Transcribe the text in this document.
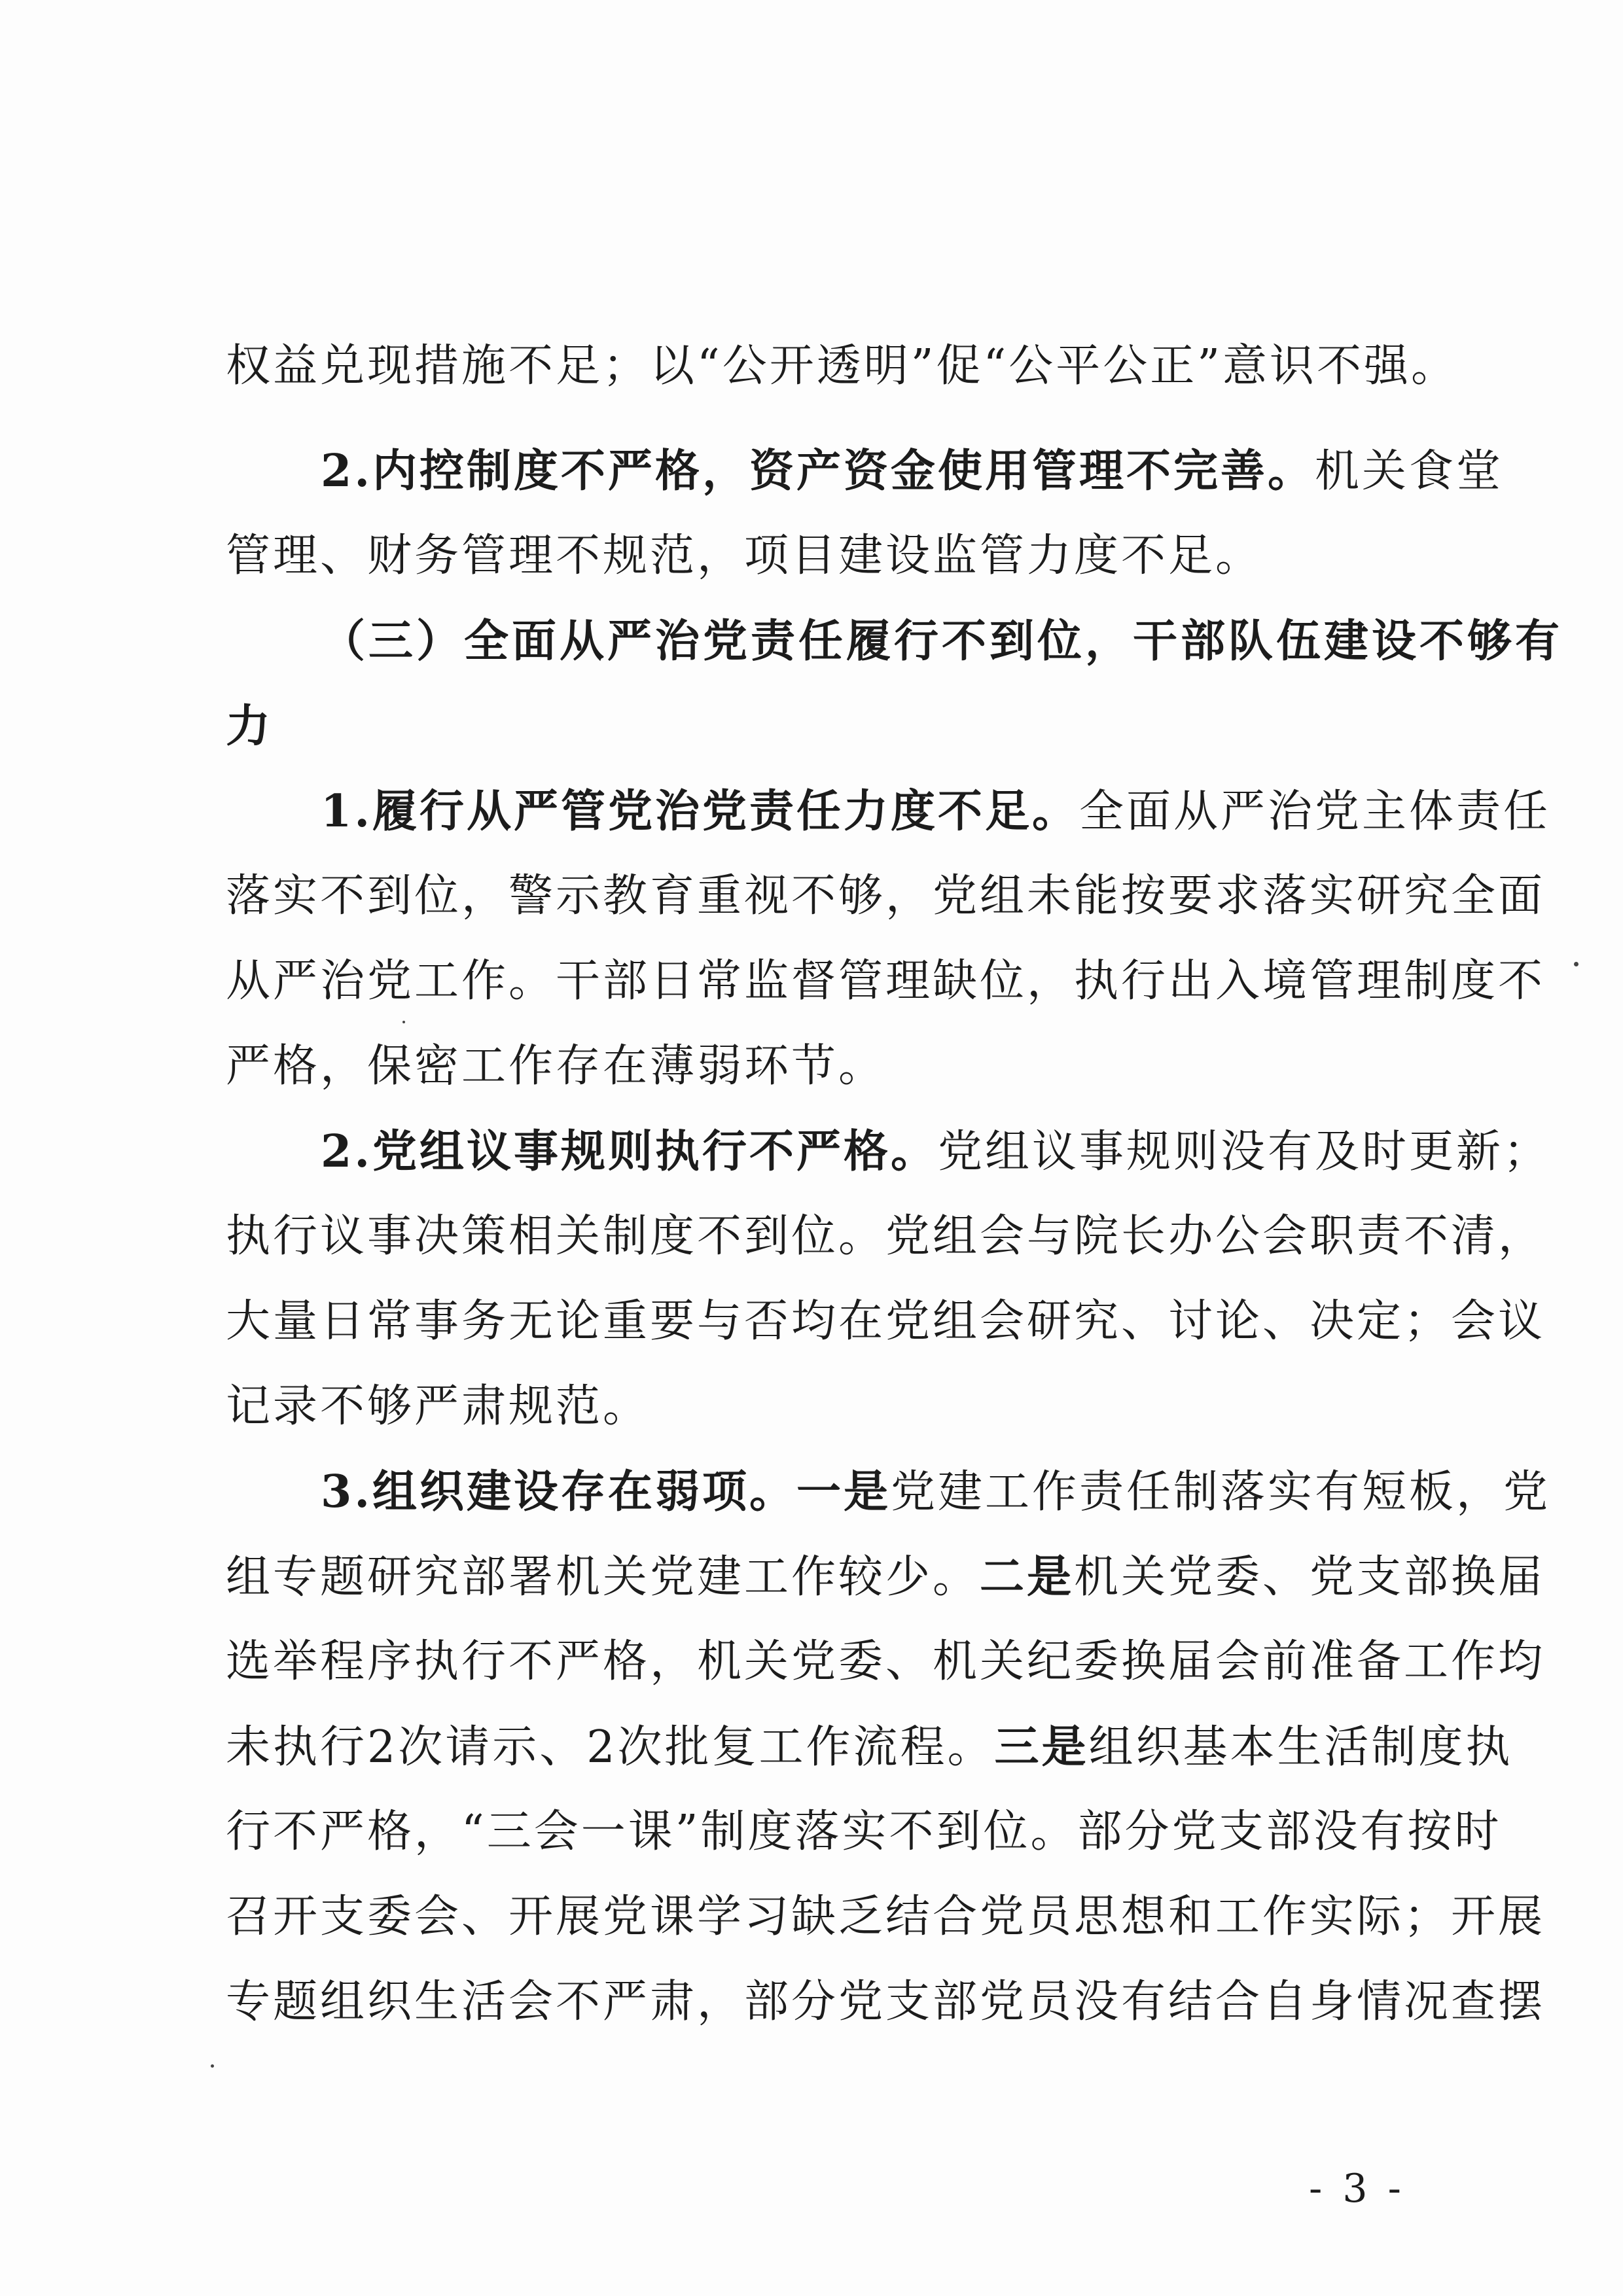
权益兑现措施不足；以“公开透明”促“公平公正”意识不强。
2.内控制度不严格，资产资金使用管理不完善。机关食堂
管理、财务管理不规范，项目建设监管力度不足。
（三）全面从严治党责任履行不到位，干部队伍建设不够有
力
1.履行从严管党治党责任力度不足。全面从严治党主体责任
落实不到位，警示教育重视不够，党组未能按要求落实研究全面
从严治党工作。干部日常监督管理缺位，执行出入境管理制度不
严格，保密工作存在薄弱环节。
2.党组议事规则执行不严格。党组议事规则没有及时更新；
执行议事决策相关制度不到位。党组会与院长办公会职责不清，
大量日常事务无论重要与否均在党组会研究、讨论、决定；会议
记录不够严肃规范。
3.组织建设存在弱项。一是党建工作责任制落实有短板，党
组专题研究部署机关党建工作较少。二是机关党委、党支部换届
选举程序执行不严格，机关党委、机关纪委换届会前准备工作均
未执行2次请示、2次批复工作流程。三是组织基本生活制度执
行不严格，“三会一课”制度落实不到位。部分党支部没有按时
召开支委会、开展党课学习缺乏结合党员思想和工作实际；开展
专题组织生活会不严肃，部分党支部党员没有结合自身情况查摆
- 3 -
